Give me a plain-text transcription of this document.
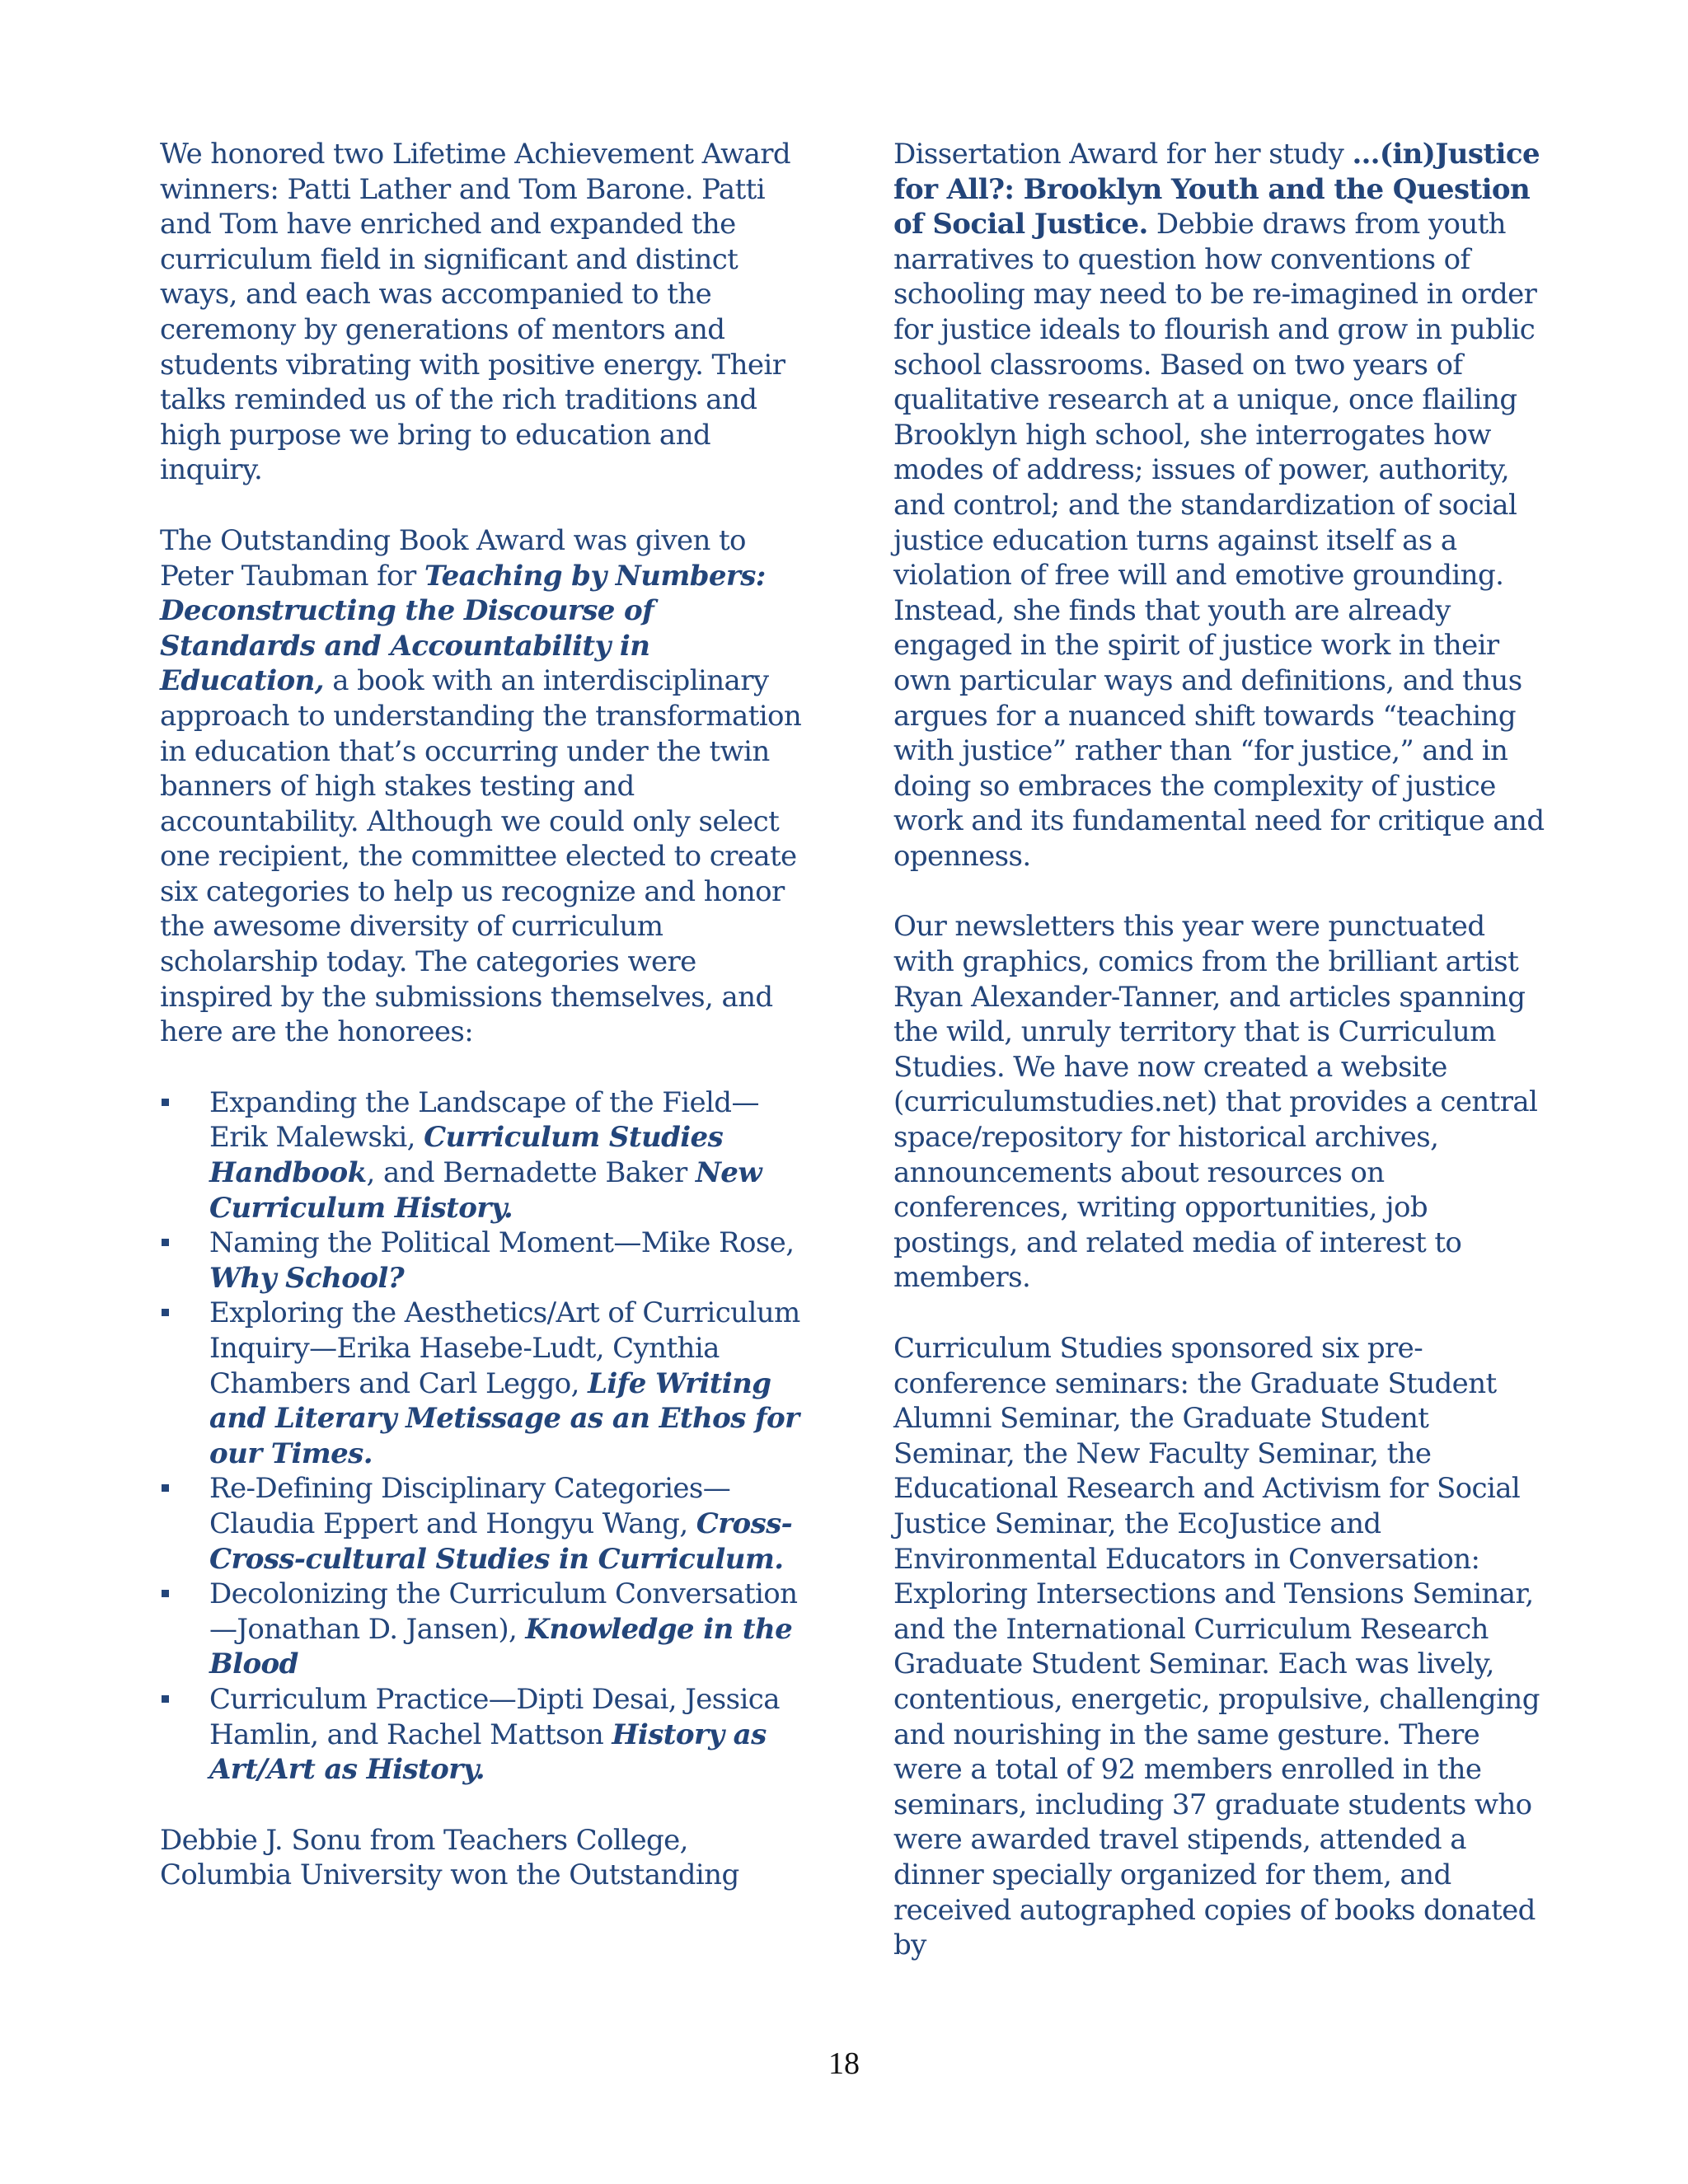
We honored two Lifetime Achievement Award winners: Patti Lather and Tom Barone. Patti and Tom have enriched and expanded the curriculum field in significant and distinct ways, and each was accompanied to the ceremony by generations of mentors and students vibrating with positive energy. Their talks reminded us of the rich traditions and high purpose we bring to education and inquiry.

The Outstanding Book Award was given to Peter Taubman for Teaching by Numbers: Deconstructing the Discourse of Standards and Accountability in Education, a book with an interdisciplinary approach to understanding the transformation in education that’s occurring under the twin banners of high stakes testing and accountability. Although we could only select one recipient, the committee elected to create six categories to help us recognize and honor the awesome diversity of curriculum scholarship today. The categories were inspired by the submissions themselves, and here are the honorees:

Expanding the Landscape of the Field—Erik Malewski, Curriculum Studies Handbook, and Bernadette Baker New Curriculum History.
Naming the Political Moment—Mike Rose, Why School?
Exploring the Aesthetics/Art of Curriculum Inquiry—Erika Hasebe-Ludt, Cynthia Chambers and Carl Leggo, Life Writing and Literary Metissage as an Ethos for our Times.
Re-Defining Disciplinary Categories—Claudia Eppert and Hongyu Wang, Cross- Cross-cultural Studies in Curriculum.
Decolonizing the Curriculum Conversation—Jonathan D. Jansen), Knowledge in the Blood
Curriculum Practice—Dipti Desai, Jessica Hamlin, and Rachel Mattson History as Art/Art as History.

Debbie J. Sonu from Teachers College, Columbia University won the Outstanding

Dissertation Award for her study …(in)Justice for All?: Brooklyn Youth and the Question of Social Justice. Debbie draws from youth narratives to question how conventions of schooling may need to be re-imagined in order for justice ideals to flourish and grow in public school classrooms. Based on two years of qualitative research at a unique, once flailing Brooklyn high school, she interrogates how modes of address; issues of power, authority, and control; and the standardization of social justice education turns against itself as a violation of free will and emotive grounding. Instead, she finds that youth are already engaged in the spirit of justice work in their own particular ways and definitions, and thus argues for a nuanced shift towards “teaching with justice” rather than “for justice,” and in doing so embraces the complexity of justice work and its fundamental need for critique and openness.

Our newsletters this year were punctuated with graphics, comics from the brilliant artist Ryan Alexander-Tanner, and articles spanning the wild, unruly territory that is Curriculum Studies. We have now created a website (curriculumstudies.net) that provides a central space/repository for historical archives, announcements about resources on conferences, writing opportunities, job postings, and related media of interest to members.

Curriculum Studies sponsored six pre-conference seminars: the Graduate Student Alumni Seminar, the Graduate Student Seminar, the New Faculty Seminar, the Educational Research and Activism for Social Justice Seminar, the EcoJustice and Environmental Educators in Conversation: Exploring Intersections and Tensions Seminar, and the International Curriculum Research Graduate Student Seminar. Each was lively, contentious, energetic, propulsive, challenging and nourishing in the same gesture. There were a total of 92 members enrolled in the seminars, including 37 graduate students who were awarded travel stipends, attended a dinner specially organized for them, and received autographed copies of books donated by

18
